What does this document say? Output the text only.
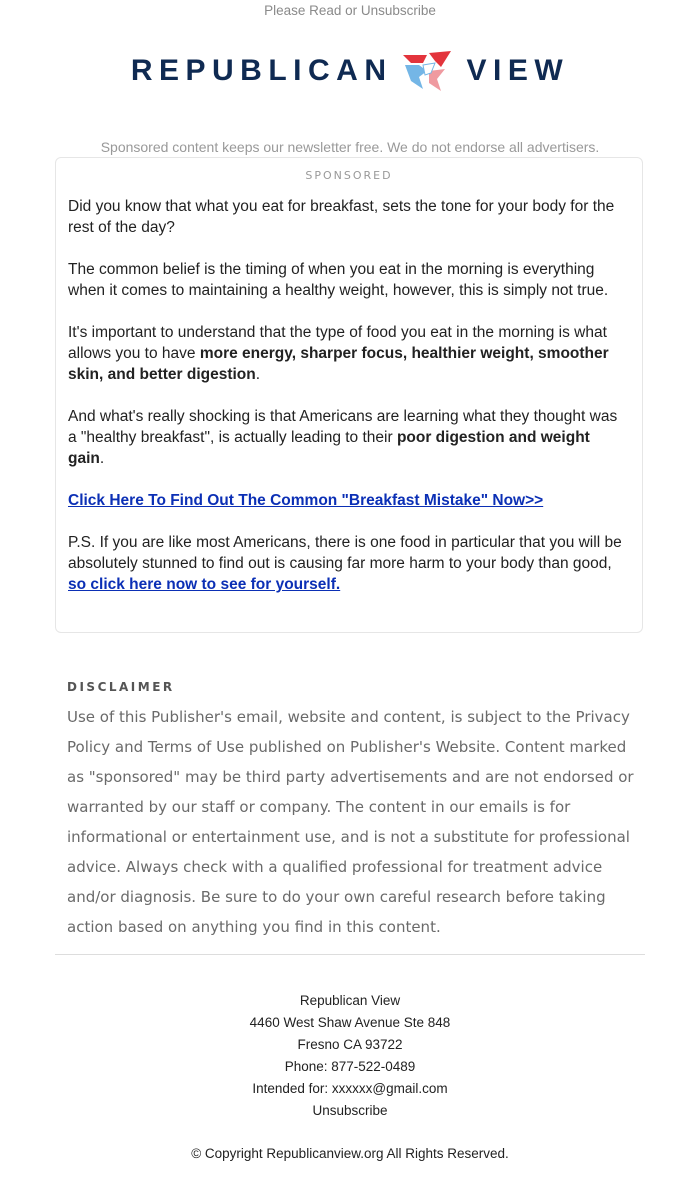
Please Read or Unsubscribe
REPUBLICAN VIEW
Sponsored content keeps our newsletter free. We do not endorse all advertisers.
SPONSORED

Did you know that what you eat for breakfast, sets the tone for your body for the rest of the day?

The common belief is the timing of when you eat in the morning is everything when it comes to maintaining a healthy weight, however, this is simply not true.

It's important to understand that the type of food you eat in the morning is what allows you to have more energy, sharper focus, healthier weight, smoother skin, and better digestion.

And what's really shocking is that Americans are learning what they thought was a "healthy breakfast", is actually leading to their poor digestion and weight gain.

Click Here To Find Out The Common "Breakfast Mistake" Now>>

P.S. If you are like most Americans, there is one food in particular that you will be absolutely stunned to find out is causing far more harm to your body than good, so click here now to see for yourself.

DISCLAIMER
Use of this Publisher's email, website and content, is subject to the Privacy Policy and Terms of Use published on Publisher's Website. Content marked as "sponsored" may be third party advertisements and are not endorsed or warranted by our staff or company. The content in our emails is for informational or entertainment use, and is not a substitute for professional advice. Always check with a qualified professional for treatment advice and/or diagnosis. Be sure to do your own careful research before taking action based on anything you find in this content.
Republican View
4460 West Shaw Avenue Ste 848
Fresno CA 93722
Phone: 877-522-0489
Intended for: xxxxxx@gmail.com
Unsubscribe
© Copyright Republicanview.org All Rights Reserved.
